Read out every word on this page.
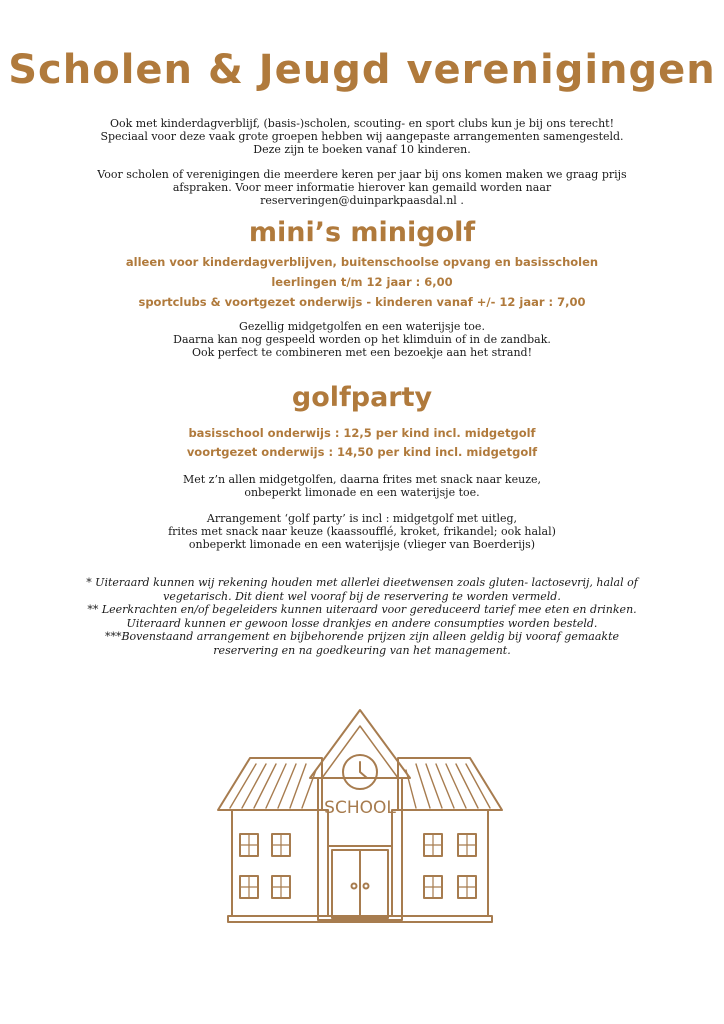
Scholen & Jeugd verenigingen
Ook met kinderdagverblijf, (basis-)scholen, scouting- en sport clubs kun je bij ons terecht!
Speciaal voor deze vaak grote groepen hebben wij aangepaste arrangementen samengesteld.
Deze zijn te boeken vanaf 10 kinderen.
Voor scholen of verenigingen die meerdere keren per jaar bij ons komen maken we graag prijs
afspraken. Voor meer informatie hierover kan gemaild worden naar
reserveringen@duinparkpaasdal.nl .
mini’s minigolf
alleen voor kinderdagverblijven, buitenschoolse opvang en basisscholen
leerlingen t/m 12 jaar : 6,00
sportclubs & voortgezet onderwijs - kinderen vanaf +/- 12 jaar : 7,00
Gezellig midgetgolfen en een waterijsje toe.
Daarna kan nog gespeeld worden op het klimduin of in de zandbak.
Ook perfect te combineren met een bezoekje aan het strand!
golfparty
basisschool onderwijs : 12,5 per kind incl. midgetgolf
voortgezet onderwijs : 14,50 per kind incl. midgetgolf
Met z’n allen midgetgolfen, daarna frites met snack naar keuze,
onbeperkt limonade en een waterijsje toe.
Arrangement ‘golf party’ is incl : midgetgolf met uitleg,
frites met snack naar keuze (kaassoufflé, kroket, frikandel; ook halal)
onbeperkt limonade en een waterijsje (vlieger van Boerderijs)
* Uiteraard kunnen wij rekening houden met allerlei dieetwensen zoals gluten- lactosevrij, halal of
vegetarisch. Dit dient wel vooraf bij de reservering te worden vermeld.
** Leerkrachten en/of begeleiders kunnen uiteraard voor gereduceerd tarief mee eten en drinken.
Uiteraard kunnen er gewoon losse drankjes en andere consumpties worden besteld.
***Bovenstaand arrangement en bijbehorende prijzen zijn alleen geldig bij vooraf gemaakte
reservering en na goedkeuring van het management.
SCHOOL
